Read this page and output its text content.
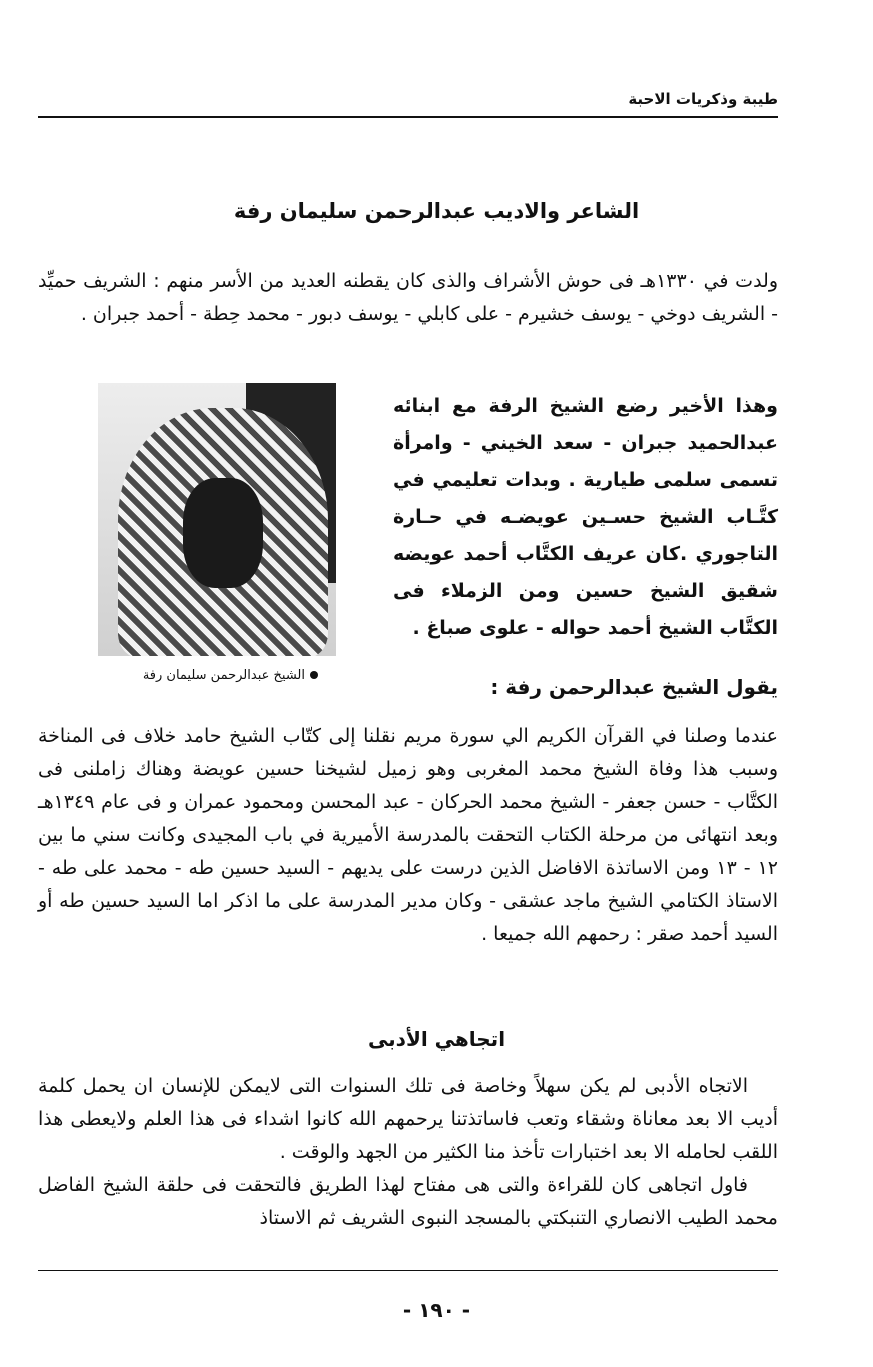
طيبة وذكريات الاحبة
الشاعر والاديب عبدالرحمن سليمان رفة

ولدت في ١٣٣٠هـ فى حوش الأشراف والذى كان يقطنه العديد من الأسر منهم : الشريف حميِّد - الشريف دوخي - يوسف خشيرم - على كابلي - يوسف دبور - محمد حِطة - أحمد جبران .

وهذا الأخير رضع الشيخ الرفة مع ابنائه عبدالحميد جبران - سعد الخيني - وامرأة تسمى سلمى طيارية . وبدات تعليمي في كتَّـاب الشيخ حسـين عويضـه في حـارة التاجوري .كان عريف الكتَّاب أحمد عويضه شقيق الشيخ حسين ومن الزملاء فى الكتَّاب الشيخ أحمد حواله - علوى صباغ .

الشيخ عبدالرحمن سليمان رفة	يقول الشيخ عبدالرحمن رفة :

عندما وصلنا في القرآن الكريم الي سورة مريم نقلنا إلى كتّاب الشيخ حامد خلاف فى المناخة وسبب هذا وفاة الشيخ محمد المغربى وهو زميل لشيخنا حسين عويضة وهناك زاملنى فى الكتَّاب - حسن جعفر - الشيخ محمد الحركان - عبد المحسن ومحمود عمران و فى عام ١٣٤٩هـ وبعد انتهائى من مرحلة الكتاب التحقت بالمدرسة الأميرية في باب المجيدى وكانت سني ما بين ١٢ - ١٣ ومن الاساتذة الافاضل الذين درست على يديهم - السيد حسين طه - محمد على طه - الاستاذ الكتامي الشيخ ماجد عشقى - وكان مدير المدرسة على ما اذكر اما السيد حسين طه أو السيد أحمد صقر : رحمهم الله جميعا .

اتجاهي الأدبى
الاتجاه الأدبى لم يكن سهلاً وخاصة فى تلك السنوات التى لايمكن للإنسان ان يحمل كلمة أديب الا بعد معاناة وشقاء وتعب فاساتذتنا يرحمهم الله كانوا اشداء فى هذا العلم ولايعطى هذا اللقب لحامله الا بعد اختبارات تأخذ منا الكثير من الجهد والوقت .
فاول اتجاهى كان للقراءة والتى هى مفتاح لهذا الطريق فالتحقت فى حلقة الشيخ الفاضل محمد الطيب الانصاري التنبكتي بالمسجد النبوى الشريف ثم الاستاذ
- ١٩٠ -
